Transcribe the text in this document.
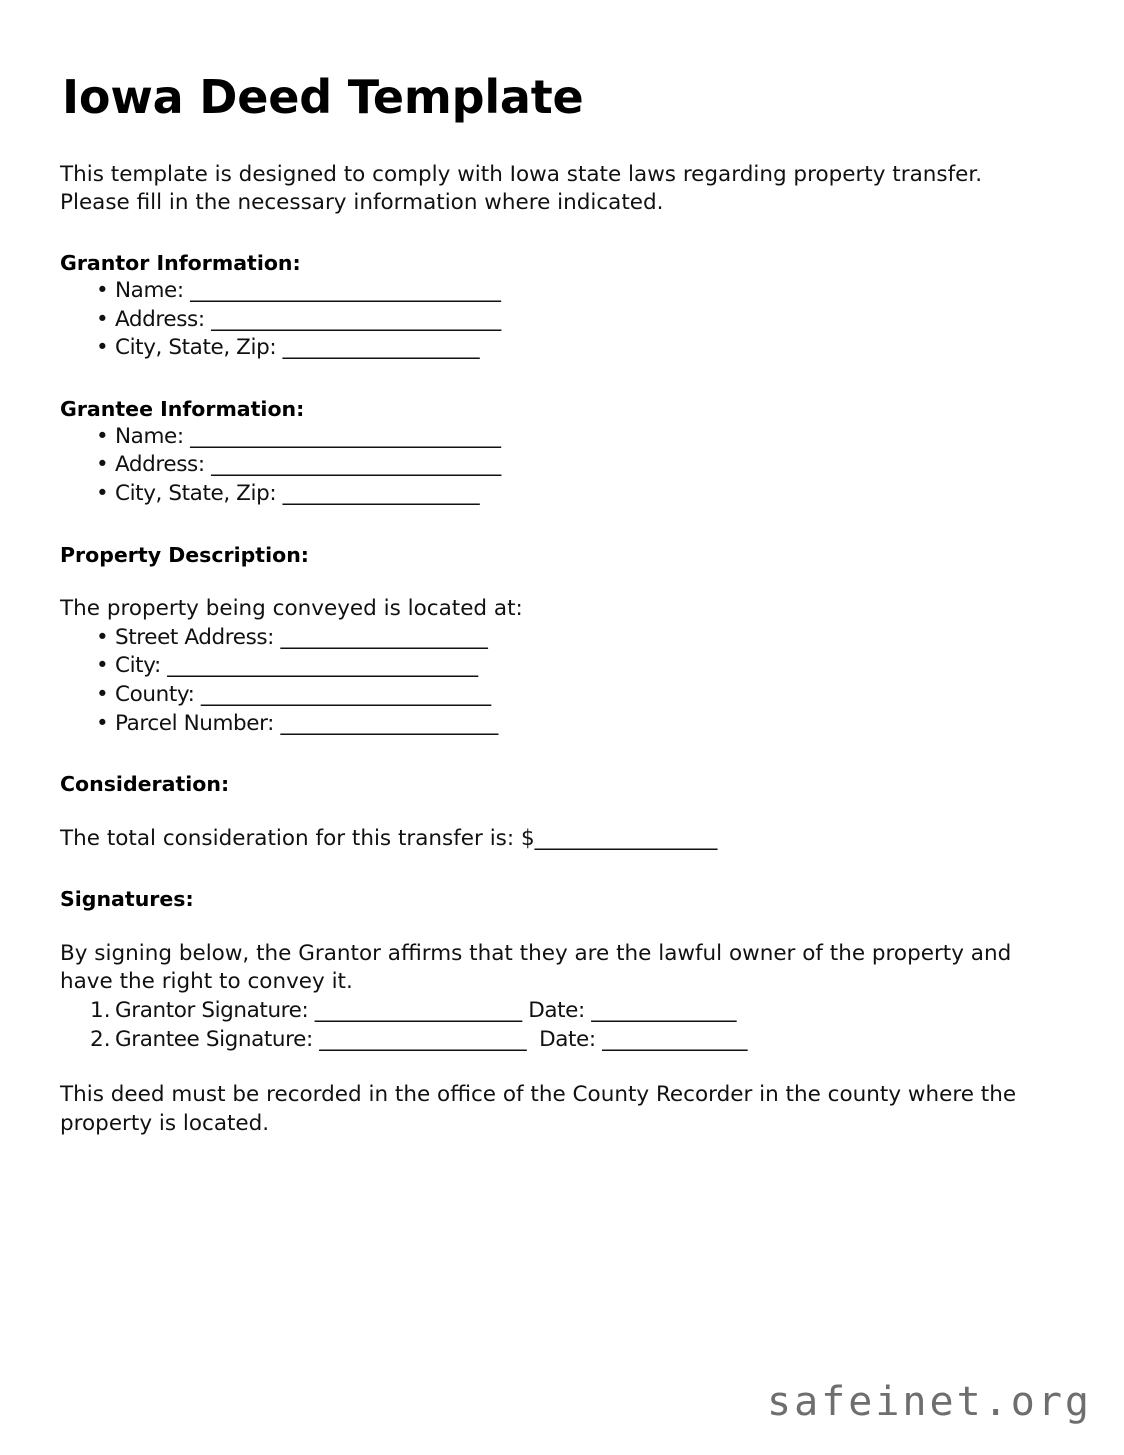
Iowa Deed Template

This template is designed to comply with Iowa state laws regarding property transfer. Please fill in the necessary information where indicated.

Grantor Information:
• Name: ______________________________
• Address: ____________________________
• City, State, Zip: ___________________
Grantee Information:
• Name: ______________________________
• Address: ____________________________
• City, State, Zip: ___________________
Property Description:

The property being conveyed is located at:

• Street Address: ____________________
• City: ______________________________
• County: ____________________________
• Parcel Number: _____________________
Consideration:

The total consideration for this transfer is: $_________________

Signatures:

By signing below, the Grantor affirms that they are the lawful owner of the property and have the right to convey it.

Grantor Signature: ____________________ Date: ______________
Grantee Signature: ____________________  Date: ______________

This deed must be recorded in the office of the County Recorder in the county where the property is located.

safeinet.org
